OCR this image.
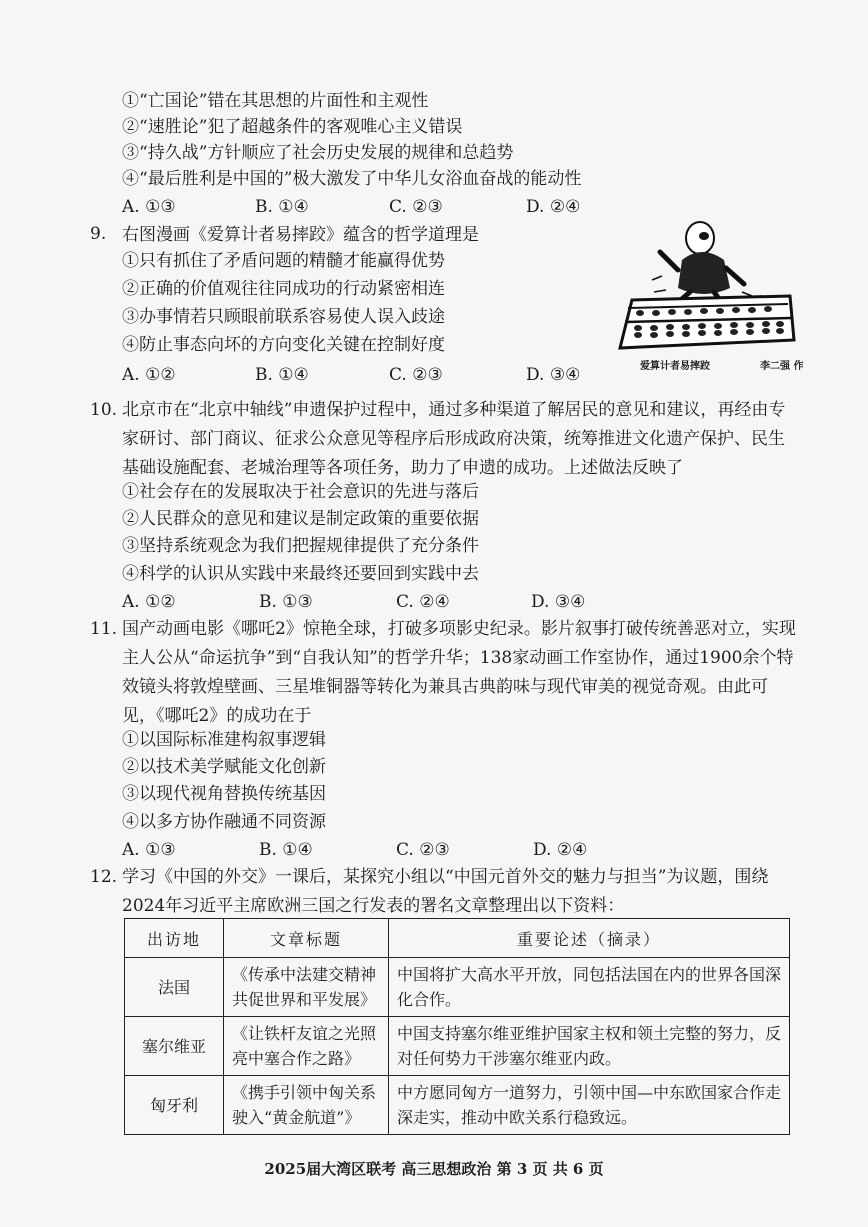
①“亡国论”错在其思想的片面性和主观性
②“速胜论”犯了超越条件的客观唯心主义错误
③“持久战”方针顺应了社会历史发展的规律和总趋势
④“最后胜利是中国的”极大激发了中华儿女浴血奋战的能动性
A. ①③	B. ①④	C. ②③	D. ②④
9. 右图漫画《爱算计者易摔跤》蕴含的哲学道理是
①只有抓住了矛盾问题的精髓才能赢得优势
②正确的价值观往往同成功的行动紧密相连
③办事情若只顾眼前联系容易使人误入歧途
④防止事态向坏的方向变化关键在控制好度
A. ①②	B. ①④	C. ②③	D. ③④	爱算计者易摔跤	李二强 作
10. 北京市在“北京中轴线”申遗保护过程中，通过多种渠道了解居民的意见和建议，再经由专家研讨、部门商议、征求公众意见等程序后形成政府决策，统筹推进文化遗产保护、民生基础设施配套、老城治理等各项任务，助力了申遗的成功。上述做法反映了
①社会存在的发展取决于社会意识的先进与落后
②人民群众的意见和建议是制定政策的重要依据
③坚持系统观念为我们把握规律提供了充分条件
④科学的认识从实践中来最终还要回到实践中去
A. ①②	B. ①③	C. ②④	D. ③④
11. 国产动画电影《哪吒2》惊艳全球，打破多项影史纪录。影片叙事打破传统善恶对立，实现主人公从“命运抗争”到“自我认知”的哲学升华；138家动画工作室协作，通过1900余个特效镜头将敦煌壁画、三星堆铜器等转化为兼具古典韵味与现代审美的视觉奇观。由此可见，《哪吒2》的成功在于
①以国际标准建构叙事逻辑
②以技术美学赋能文化创新
③以现代视角替换传统基因
④以多方协作融通不同资源
A. ①③	B. ①④	C. ②③	D. ②④
12. 学习《中国的外交》一课后，某探究小组以“中国元首外交的魅力与担当”为议题，围绕2024年习近平主席欧洲三国之行发表的署名文章整理出以下资料：
出访地	文章标题	重要论述（摘录）
法国	《传承中法建交精神 共促世界和平发展》	中国将扩大高水平开放，同包括法国在内的世界各国深化合作。
塞尔维亚	《让铁杆友谊之光照亮中塞合作之路》	中国支持塞尔维亚维护国家主权和领土完整的努力，反对任何势力干涉塞尔维亚内政。
匈牙利	《携手引领中匈关系驶入“黄金航道”》	中方愿同匈方一道努力，引领中国—中东欧国家合作走深走实，推动中欧关系行稳致远。
2025届大湾区联考 高三思想政治 第 3 页 共 6 页
